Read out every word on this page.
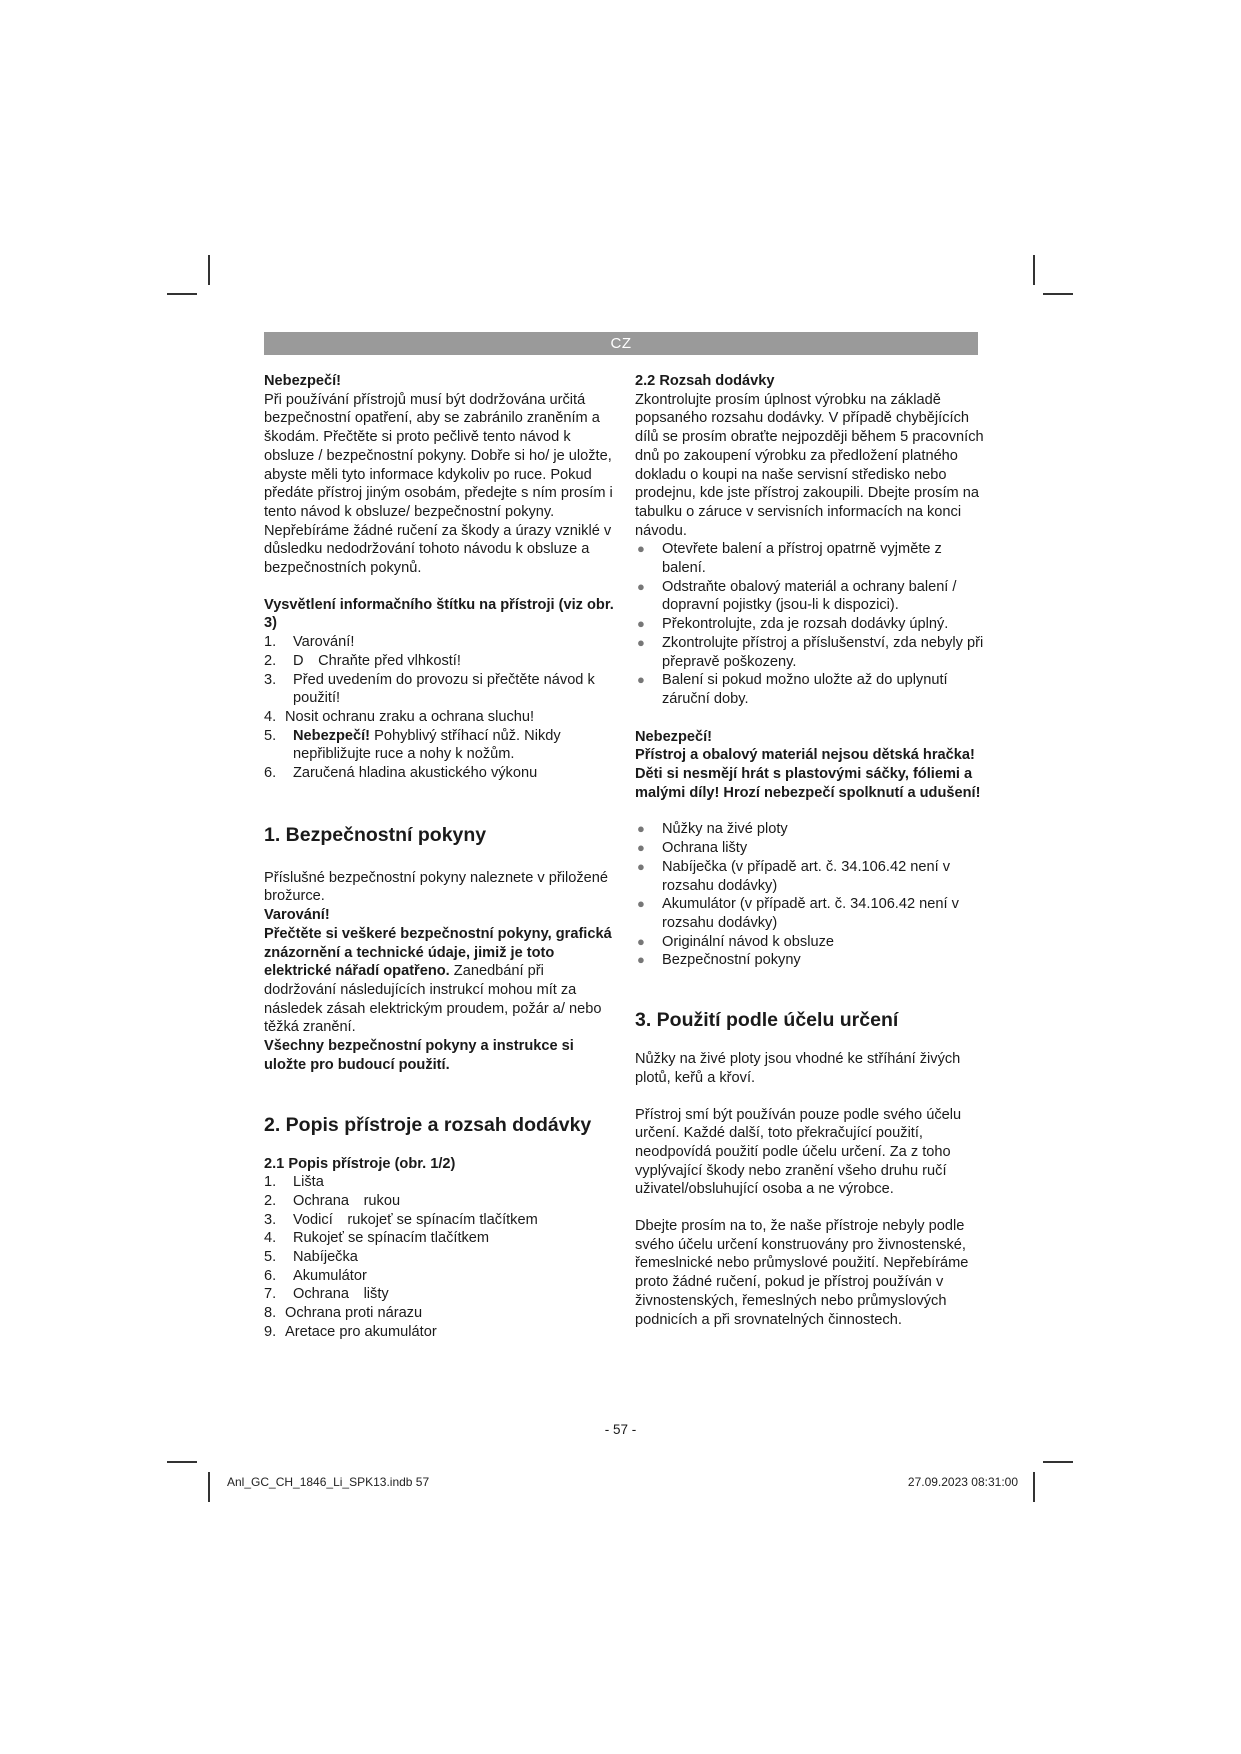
CZ

Nebezpečí!

Při používání přístrojů musí být dodržována určitá bezpečnostní opatření, aby se zabránilo zraněním a škodám. Přečtěte si proto pečlivě tento návod k obsluze / bezpečnostní pokyny. Dobře si ho/ je uložte, abyste měli tyto informace kdykoliv po ruce. Pokud předáte přístroj jiným osobám, předejte s ním prosím i tento návod k obsluze/ bezpečnostní pokyny. Nepřebíráme žádné ručení za škody a úrazy vzniklé v důsledku nedodržování tohoto návodu k obsluze a bezpečnostních pokynů.

Vysvětlení informačního štítku na přístroji (viz obr. 3)

1.	Varování!
2.	D Chraňte před vlhkostí!
3.	Před uvedením do provozu si přečtěte návod k použití!
4. Nosit ochranu zraku a ochrana sluchu!
5.	Nebezpečí! Pohyblivý stříhací nůž. Nikdy nepřibližujte ruce a nohy k nožům.
6.	Zaručená hladina akustického výkonu

1. Bezpečnostní pokyny

Příslušné bezpečnostní pokyny naleznete v přiložené brožurce.

Varování!

Přečtěte si veškeré bezpečnostní pokyny, grafická znázornění a technické údaje, jimiž je toto elektrické nářadí opatřeno. Zanedbání při dodržování následujících instrukcí mohou mít za následek zásah elektrickým proudem, požár a/ nebo těžká zranění.

Všechny bezpečnostní pokyny a instrukce si uložte pro budoucí použití.

2. Popis přístroje a rozsah dodávky

2.1 Popis přístroje (obr. 1/2)

1.	Lišta
2.	Ochrana rukou
3.	Vodicí rukojeť se spínacím tlačítkem
4.	Rukojeť se spínacím tlačítkem
5.	Nabíječka
6.	Akumulátor
7.	Ochrana lišty
8. Ochrana proti nárazu
9. Aretace pro akumulátor

2.2 Rozsah dodávky

Zkontrolujte prosím úplnost výrobku na základě popsaného rozsahu dodávky. V případě chybějících dílů se prosím obraťte nejpozději během 5 pracovních dnů po zakoupení výrobku za předložení platného dokladu o koupi na naše servisní středisko nebo prodejnu, kde jste přístroj zakoupili. Dbejte prosím na tabulku o záruce v servisních informacích na konci návodu.

●	Otevřete balení a přístroj opatrně vyjměte z balení.
●	Odstraňte obalový materiál a ochrany balení / dopravní pojistky (jsou-li k dispozici).
●	Překontrolujte, zda je rozsah dodávky úplný.
●	Zkontrolujte přístroj a příslušenství, zda nebyly při přepravě poškozeny.
●	Balení si pokud možno uložte až do uplynutí záruční doby.

Nebezpečí!

Přístroj a obalový materiál nejsou dětská hračka! Děti si nesmějí hrát s plastovými sáčky, fóliemi a malými díly! Hrozí nebezpečí spolknutí a udušení!

●	Nůžky na živé ploty
●	Ochrana lišty
●	Nabíječka (v případě art. č. 34.106.42 není v rozsahu dodávky)
●	Akumulátor (v případě art. č. 34.106.42 není v rozsahu dodávky)
●	Originální návod k obsluze
●	Bezpečnostní pokyny

3. Použití podle účelu určení

Nůžky na živé ploty jsou vhodné ke stříhání živých plotů, keřů a křoví.

Přístroj smí být používán pouze podle svého účelu určení. Každé další, toto překračující použití, neodpovídá použití podle účelu určení. Za z toho vyplývající škody nebo zranění všeho druhu ručí uživatel/obsluhující osoba a ne výrobce.

Dbejte prosím na to, že naše přístroje nebyly podle svého účelu určení konstruovány pro živnostenské, řemeslnické nebo průmyslové použití. Nepřebíráme proto žádné ručení, pokud je přístroj používán v živnostenských, řemeslných nebo průmyslových podnicích a při srovnatelných činnostech.

- 57 -
Anl_GC_CH_1846_Li_SPK13.indb 57	27.09.2023 08:31:00
